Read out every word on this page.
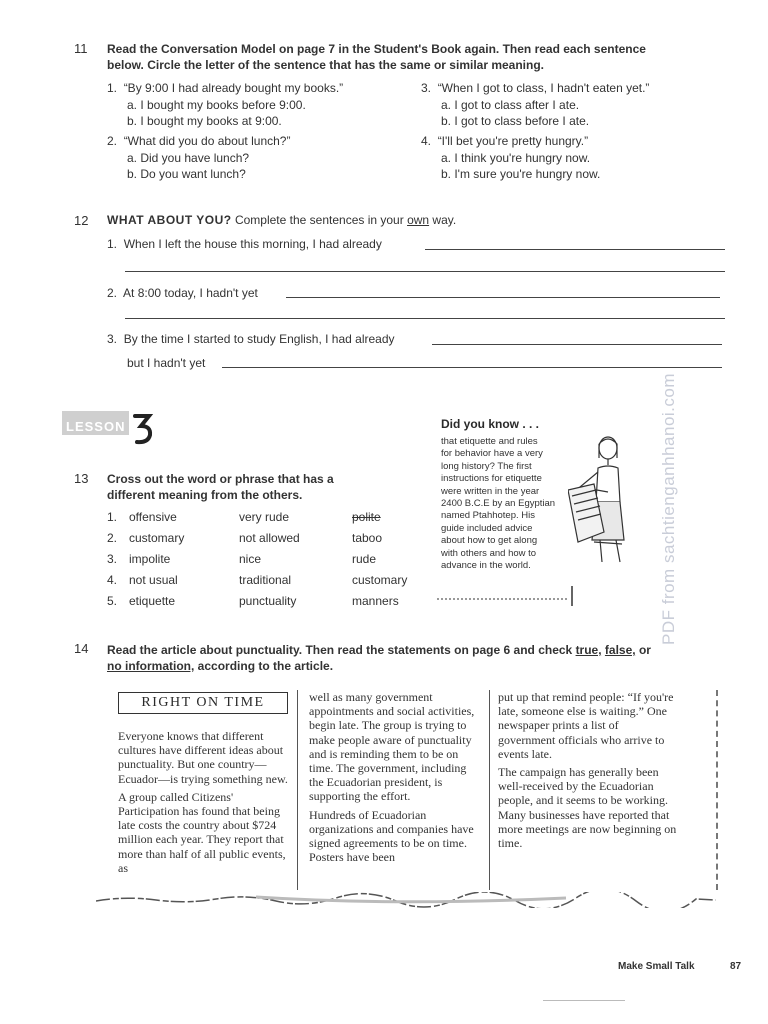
11 Read the Conversation Model on page 7 in the Student's Book again. Then read each sentence
below. Circle the letter of the sentence that has the same or similar meaning.
1. “By 9:00 I had already bought my books.”
a. I bought my books before 9:00.
b. I bought my books at 9:00.
2. “What did you do about lunch?”
a. Did you have lunch?
b. Do you want lunch?
3. “When I got to class, I hadn't eaten yet.”
a. I got to class after I ate.
b. I got to class before I ate.
4. “I'll bet you're pretty hungry.”
a. I think you're hungry now.
b. I'm sure you're hungry now.
12 WHAT ABOUT YOU? Complete the sentences in your own way.
1. When I left the house this morning, I had already
2. At 8:00 today, I hadn't yet
3. By the time I started to study English, I had already
but I hadn't yet
LESSON	Did you know . . .
that etiquette and rules
for behavior have a very
long history? The first
instructions for etiquette
were written in the year
2400 B.C.E by an Egyptian
named Ptahhotep. His
guide included advice
about how to get along
with others and how to
advance in the world.
13 Cross out the word or phrase that has a
different meaning from the others.
1.	offensive	very rude	polite
2.	customary	not allowed	taboo
3.	impolite	nice	rude
4.	not usual	traditional	customary
5.	etiquette	punctuality	manners	PDF from sachtienganhhanoi.com
14 Read the article about punctuality. Then read the statements on page 6 and check true, false, or
no information, according to the article.
RIGHT ON TIME

Everyone knows that different cultures have different ideas about punctuality. But one country—Ecuador—is trying something new.

A group called Citizens' Participation has found that being late costs the country about $724 million each year. They report that more than half of all public events, as

well as many government appointments and social activities, begin late. The group is trying to make people aware of punctuality and is reminding them to be on time. The government, including the Ecuadorian president, is supporting the effort.

Hundreds of Ecuadorian organizations and companies have signed agreements to be on time. Posters have been

put up that remind people: “If you're late, someone else is waiting.” One newspaper prints a list of government officials who arrive to events late.

The campaign has generally been well-received by the Ecuadorian people, and it seems to be working. Many businesses have reported that more meetings are now beginning on time.

Make Small Talk	87
